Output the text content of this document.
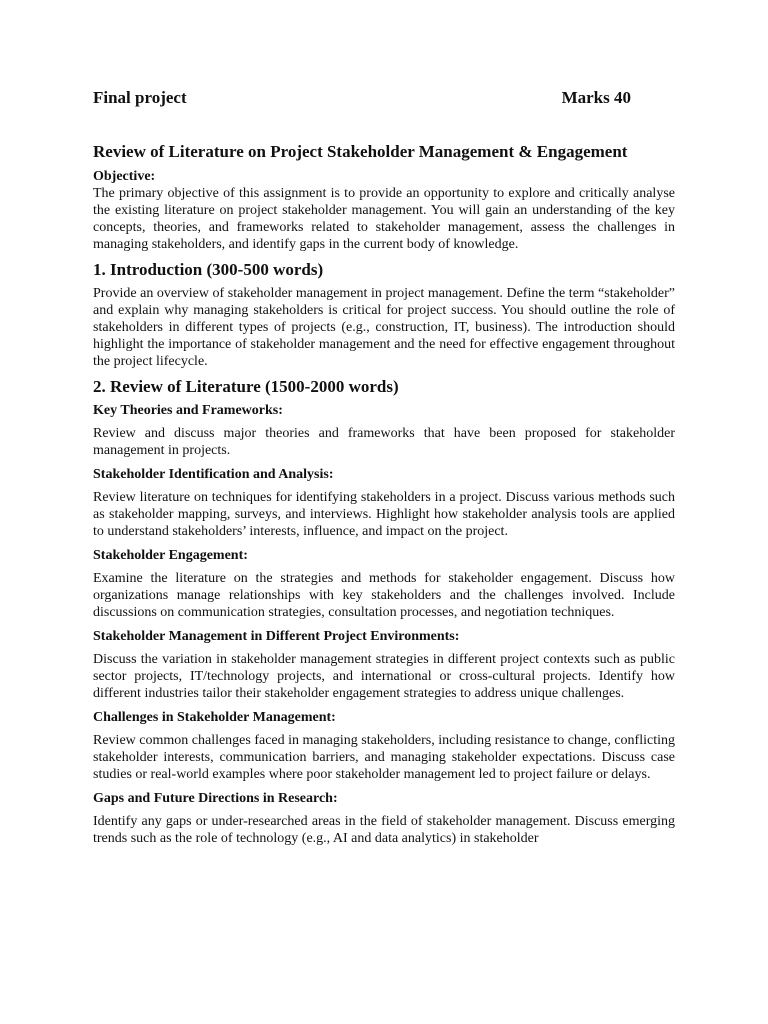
Final project	Marks 40
Review of Literature on Project Stakeholder Management & Engagement
Objective:

The primary objective of this assignment is to provide an opportunity to explore and critically analyse the existing literature on project stakeholder management. You will gain an understanding of the key concepts, theories, and frameworks related to stakeholder management, assess the challenges in managing stakeholders, and identify gaps in the current body of knowledge.

1. Introduction (300-500 words)

Provide an overview of stakeholder management in project management. Define the term “stakeholder” and explain why managing stakeholders is critical for project success. You should outline the role of stakeholders in different types of projects (e.g., construction, IT, business). The introduction should highlight the importance of stakeholder management and the need for effective engagement throughout the project lifecycle.

2. Review of Literature (1500-2000 words)
Key Theories and Frameworks:

Review and discuss major theories and frameworks that have been proposed for stakeholder management in projects.

Stakeholder Identification and Analysis:

Review literature on techniques for identifying stakeholders in a project. Discuss various methods such as stakeholder mapping, surveys, and interviews. Highlight how stakeholder analysis tools are applied to understand stakeholders’ interests, influence, and impact on the project.

Stakeholder Engagement:

Examine the literature on the strategies and methods for stakeholder engagement. Discuss how organizations manage relationships with key stakeholders and the challenges involved. Include discussions on communication strategies, consultation processes, and negotiation techniques.

Stakeholder Management in Different Project Environments:

Discuss the variation in stakeholder management strategies in different project contexts such as public sector projects, IT/technology projects, and international or cross-cultural projects. Identify how different industries tailor their stakeholder engagement strategies to address unique challenges.

Challenges in Stakeholder Management:

Review common challenges faced in managing stakeholders, including resistance to change, conflicting stakeholder interests, communication barriers, and managing stakeholder expectations. Discuss case studies or real-world examples where poor stakeholder management led to project failure or delays.

Gaps and Future Directions in Research:

Identify any gaps or under-researched areas in the field of stakeholder management. Discuss emerging trends such as the role of technology (e.g., AI and data analytics) in stakeholder
